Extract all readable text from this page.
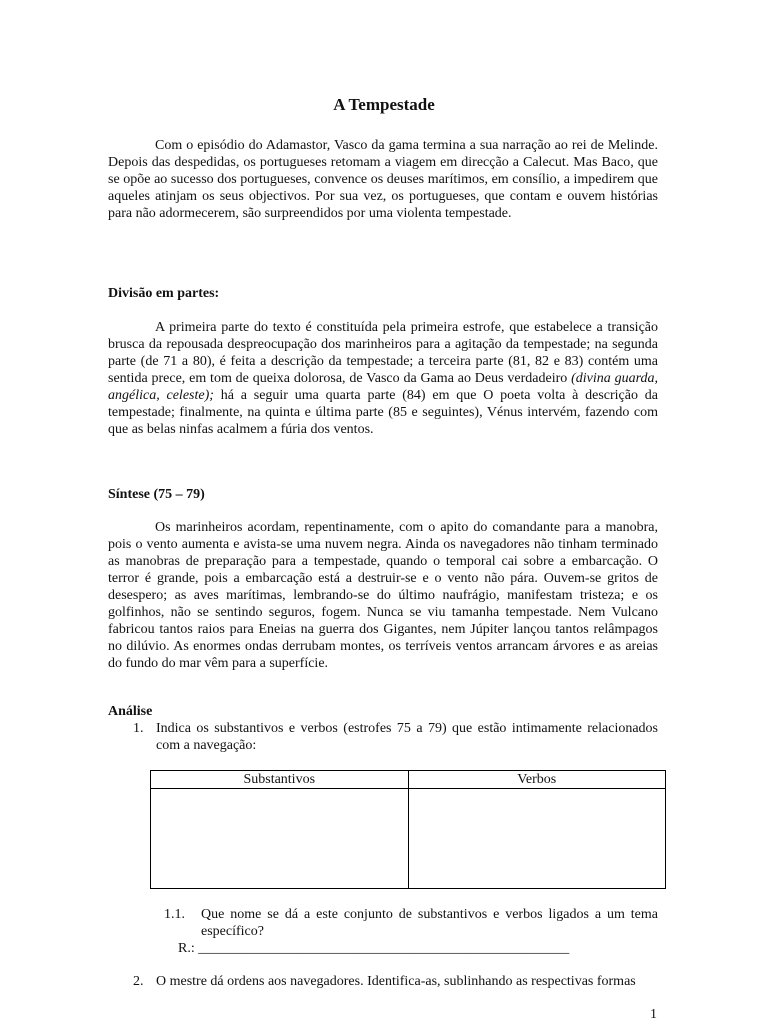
A Tempestade

Com o episódio do Adamastor, Vasco da gama termina a sua narração ao rei de Melinde. Depois das despedidas, os portugueses retomam a viagem em direcção a Calecut. Mas Baco, que se opõe ao sucesso dos portugueses, convence os deuses marítimos, em consílio, a impedirem que aqueles atinjam os seus objectivos. Por sua vez, os portugueses, que contam e ouvem histórias para não adormecerem, são surpreendidos por uma violenta tempestade.

Divisão em partes:

A primeira parte do texto é constituída pela primeira estrofe, que estabelece a transição brusca da repousada despreocupação dos marinheiros para a agitação da tempestade; na segunda parte (de 71 a 80), é feita a descrição da tempestade; a terceira parte (81, 82 e 83) contém uma sentida prece, em tom de queixa dolorosa, de Vasco da Gama ao Deus verdadeiro (divina guarda, angélica, celeste); há a seguir uma quarta parte (84) em que O poeta volta à descrição da tempestade; finalmente, na quinta e última parte (85 e seguintes), Vénus intervém, fazendo com que as belas ninfas acalmem a fúria dos ventos.

Síntese (75 – 79)

Os marinheiros acordam, repentinamente, com o apito do comandante para a manobra, pois o vento aumenta e avista-se uma nuvem negra. Ainda os navegadores não tinham terminado as manobras de preparação para a tempestade, quando o temporal cai sobre a embarcação. O terror é grande, pois a embarcação está a destruir-se e o vento não pára. Ouvem-se gritos de desespero; as aves marítimas, lembrando-se do último naufrágio, manifestam tristeza; e os golfinhos, não se sentindo seguros, fogem. Nunca se viu tamanha tempestade. Nem Vulcano fabricou tantos raios para Eneias na guerra dos Gigantes, nem Júpiter lançou tantos relâmpagos no dilúvio. As enormes ondas derrubam montes, os terríveis ventos arrancam árvores e as areias do fundo do mar vêm para a superfície.

Análise

1. Indica os substantivos e verbos (estrofes 75 a 79) que estão intimamente relacionados com a navegação:

Substantivos	Verbos

1.1. Que nome se dá a este conjunto de substantivos e verbos ligados a um tema específico?

R.: _____________________________________________________

2. O mestre dá ordens aos navegadores. Identifica-as, sublinhando as respectivas formas

1
